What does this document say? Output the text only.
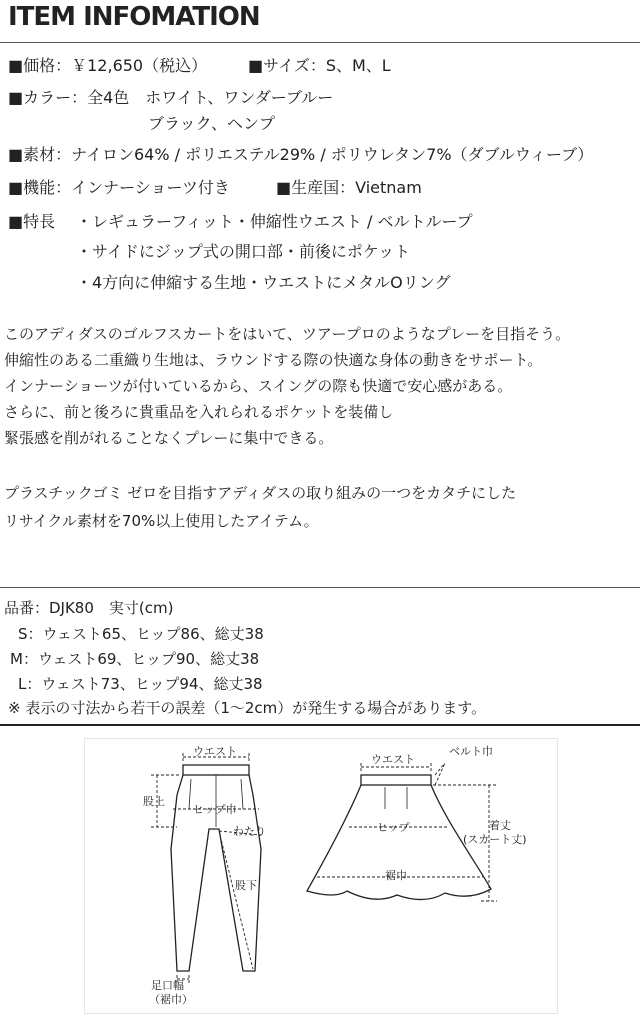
ITEM INFOMATION
■価格：￥12,650（税込）	■サイズ：S、M、L
■カラー：全4色　ホワイト、ワンダーブルー
ブラック、ヘンプ
■素材：ナイロン64% / ポリエステル29% / ポリウレタン7%（ダブルウィーブ）
■機能：インナーショーツ付き	■生産国：Vietnam
■特長 ・レギュラーフィット・伸縮性ウエスト / ベルトループ
・サイドにジップ式の開口部・前後にポケット
・4方向に伸縮する生地・ウエストにメタルOリング
このアディダスのゴルフスカートをはいて、ツアープロのようなプレーを目指そう。
伸縮性のある二重織り生地は、ラウンドする際の快適な身体の動きをサポート。
インナーショーツが付いているから、スイングの際も快適で安心感がある。
さらに、前と後ろに貴重品を入れられるポケットを装備し
緊張感を削がれることなくプレーに集中できる。
プラスチックゴミ ゼロを目指すアディダスの取り組みの一つをカタチにした
リサイクル素材を70%以上使用したアイテム。
品番：DJK80　実寸(cm)
S：ウェスト65、ヒップ86、総丈38
M：ウェスト69、ヒップ90、総丈38
L：ウェスト73、ヒップ94、総丈38
※ 表示の寸法から若干の誤差（1〜2cm）が発生する場合があります。
ウエスト
股上
ヒップ巾
わたり
股下
足口幅
（裾巾）
ベルト巾
ウエスト
ヒップ	着丈
(スカート丈)
裾巾
